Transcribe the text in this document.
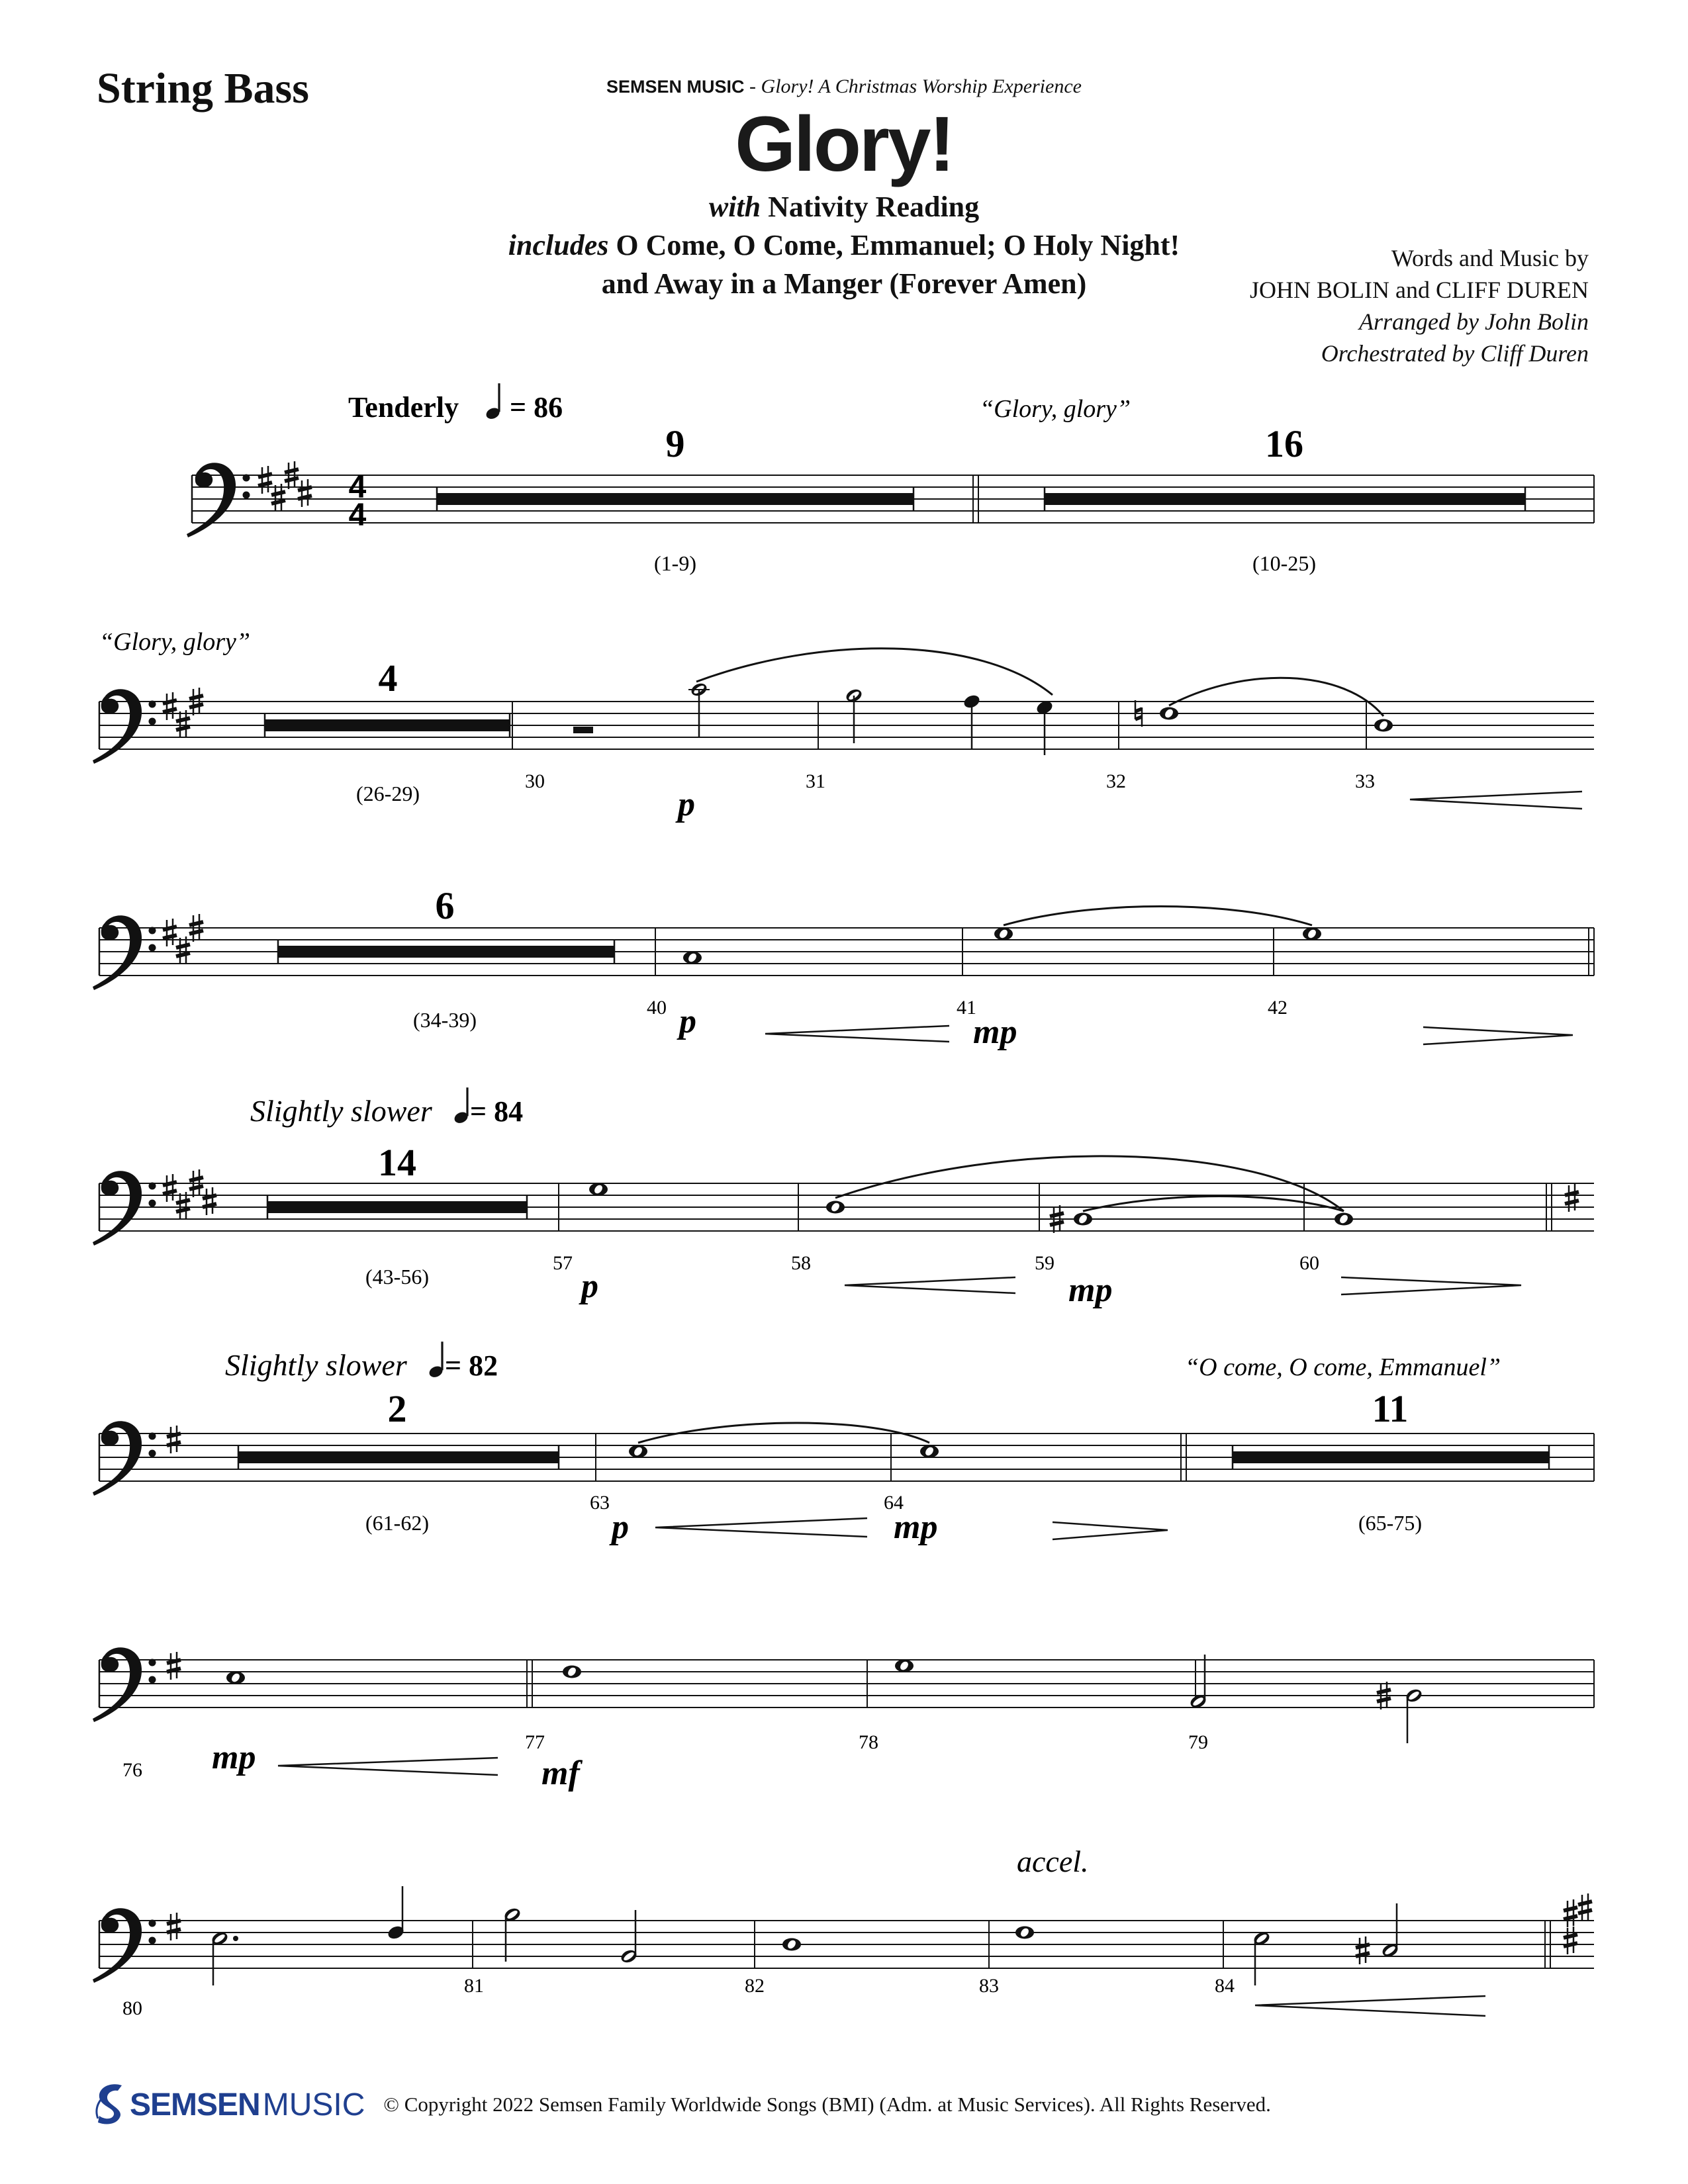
String Bass	SEMSEN MUSIC - Glory! A Christmas Worship Experience
Glory!
with Nativity Reading
includes O Come, O Come, Emmanuel; O Holy Night!
and Away in a Manger (Forever Amen)
Words and Music by
JOHN BOLIN and CLIFF DUREN
Arranged by John Bolin
Orchestrated by Cliff Duren
4
4
9
(1-9)
16
(10-25)
Tenderly = 86	“Glory, glory”
4
(26-29)
“Glory, glory”
30	31	32	33
p
6
(34-39)
40	41	42
p	mp
Slightly slower = 84
14
(43-56)
57	58	59	60
p	mp
Slightly slower = 82	“O come, O come, Emmanuel”
2
(61-62)
11
(65-75)
63	64
p	mp
76
77	78	79
mp	mf
accel.
80
81	82	83	84
SEMSEN MUSIC © Copyright 2022 Semsen Family Worldwide Songs (BMI) (Adm. at Music Services). All Rights Reserved.
